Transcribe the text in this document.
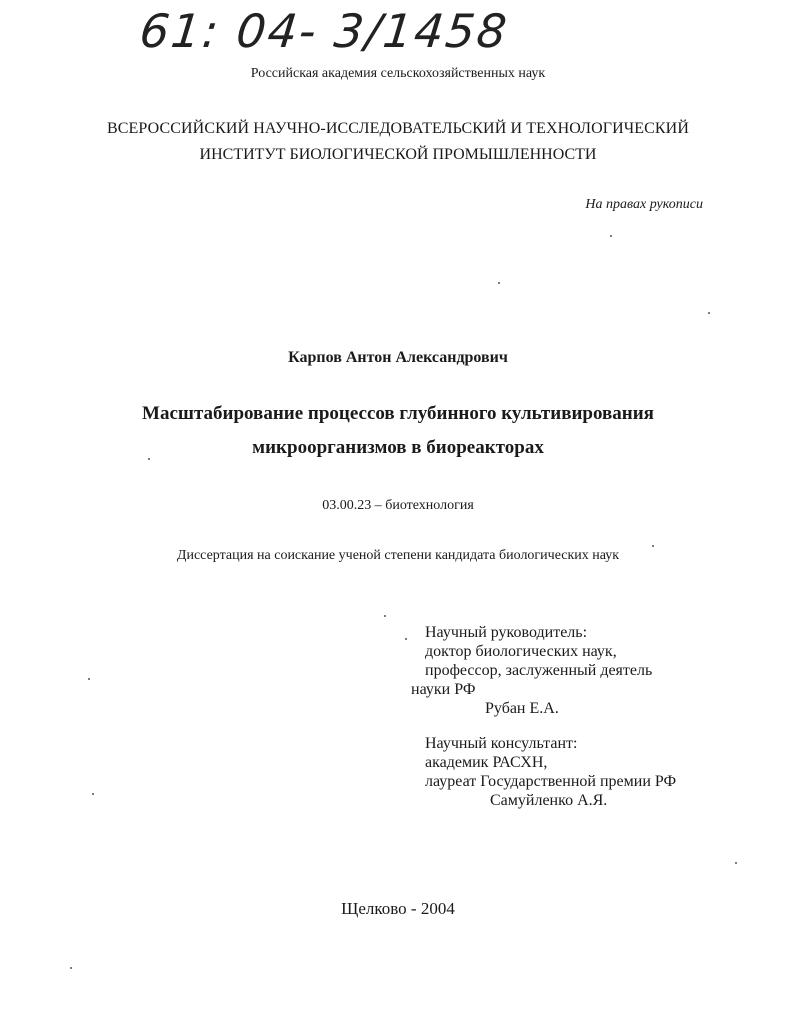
61: 04- 3/1458
Российская академия сельскохозяйственных наук
ВСЕРОССИЙСКИЙ НАУЧНО-ИССЛЕДОВАТЕЛЬСКИЙ И ТЕХНОЛОГИЧЕСКИЙ
ИНСТИТУТ БИОЛОГИЧЕСКОЙ ПРОМЫШЛЕННОСТИ
На правах рукописи
Карпов Антон Александрович
Масштабирование процессов глубинного культивирования
микроорганизмов в биореакторах
03.00.23 – биотехнология
Диссертация на соискание ученой степени кандидата биологических наук
Научный руководитель:
доктор биологических наук,
профессор, заслуженный деятель
науки РФ
Рубан Е.А.
Научный консультант:
академик РАСХН,
лауреат Государственной премии РФ
Самуйленко А.Я.
Щелково - 2004
